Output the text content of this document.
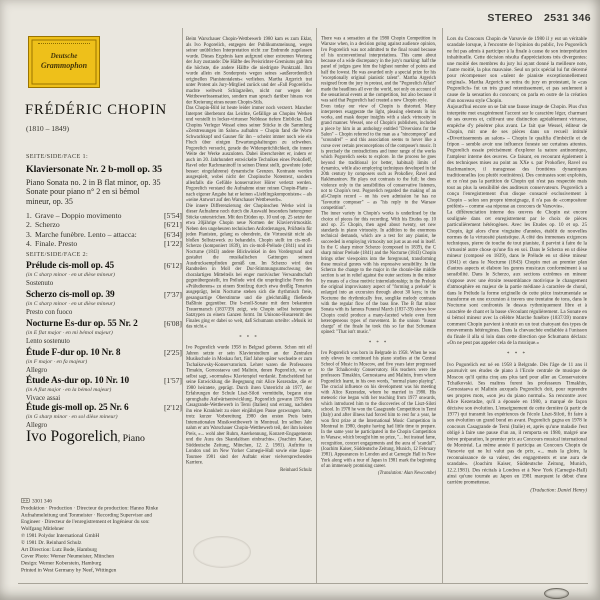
Deutsche
Grammophon
STEREO 2531 346
FRÉDÉRIC CHOPIN
(1810 – 1849)
SEITE/SIDE/FACE 1:
Klaviersonate Nr. 2 b-moll op. 35
Piano Sonata no. 2 in B flat minor, op. 35
Sonate pour piano n° 2 en si bémol
mineur, op. 35
1. Grave – Doppio movimento	[5'54]
2. Scherzo	[6'21]
3. Marche funèbre. Lento – attacca:	[6'34]
4. Finale. Presto	[1'22]
SEITE/SIDE/FACE 2:
Prélude cis-moll op. 45	[6'12]
(in C sharp minor · en ut dièse mineur)
Sostenuto
Scherzo cis-moll op. 39	[7'37]
(in C sharp minor · en ut dièse mineur)
Presto con fuoco
Nocturne Es-dur op. 55 Nr. 2	[6'08]
(in E flat major · en mi bémol majeur)
Lento sostenuto
Étude F-dur op. 10 Nr. 8	[2'25]
(in F major · en fa majeur)
Allegro
Étude As-dur op. 10 Nr. 10	[1'57]
(in A flat major · en la bémol majeur)
Vivace assai
Étude gis-moll op. 25 Nr. 6	[2'12]
(in G sharp minor · en sol dièse mineur)
Allegro
Ivo Pogorelich, Piano

Beim Warschauer Chopin-Wettbewerb 1980 kam es zum Eklat, als Ivo Pogorelich, entgegen der Publikumsmeinung, wegen seiner unüblichen Interpretation nicht zur Endrunde zugelassen wurde. Dieses Ergebnis kam aufgrund einer extremen Wertung der Jury zustande: Die Hälfte des Preisrichter-Gremiums gab ihm die höchste, die andere Hälfte die niedrigste Punktzahl. Ihm wurde allein ein Sonderpreis wegen seines »außerordentlich originellen Pianistentalents« verliehen. Martha Argerich trat unter Protest als Jury-Mitglied zurück und der »Fall Pogorelich« machte weltweit Schlagzeilen, nicht nur wegen der Wettbewerbssensation, sondern man sprach darüber hinaus von der Kreierung eines neuen Chopin-Stils.

Das Chopin-Bild ist heute leider immer noch verzerrt. Mancher Interpret überbetont das Leichte, Gefällige an Chopins Werken und verstellt in locker-virtuoser Noblesse tiefere Einblicke. Daß Chopins Verleger Wessel eines seiner Stücke in die Sammlung »Zerstreuungen im Salon« aufnahm – Chopin fand die Worte Schwachkopf und Gauner für ihn – scheint immer noch wie ein Fluch über einigen Erwartungshaltungen zu schweben. Pogorelich versucht, gerade die Widersprüchlichkeit, die innere Weite der Werke auszuloten. Dabei überschreitet er, indem er auch im 20. Jahrhundert entwickelte Techniken eines Prokofieff, Ravel oder Rachmaninoff in seinen Dienst stellt, gewohnte (oder besser: eingefahrene) dynamische Grenzen. Kontraste werden ausgespielt, wobei nicht der Chopinsche Notentext, sondern allenfalls die Gefühle konservativer Hörer verletzt werden. Pogorelich verstand die Aufnahme einer reinen Chopin-Platte – nach eigener Angabe hat er keinen »Lieblingskomponisten« – als »seine Antwort auf den Warschauer Wettbewerb«.

Die innere Differenzierung der Chopinschen Werke wird in dieser Aufnahme noch durch die Auswahl besonders heterogener Stücke unterstrichen. Mit den Etüden op. 10 und op. 25 setzte der etwa 20jährige Chopin neue Normen der Klaviervirtuosität. Neben den ungeheuren technischen Anforderungen, Prüfstein für jeden Pianisten, gelang es obendrein, die Virtuosität nicht als bloßen Selbstzweck zu behandeln. Chopin stellt im cis-moll-Scherzo (komponiert 1839), im cis-moll-Prélude (1841) und im Nocturne (1843) andere Blickwinkel in den Vordergrund und gestaltet die musikalischen Gattungen seinem Ausdrucksempfinden gemäß um. Im Scherzo wird den Randteilen in Moll der Dur-Stimmungsumschwung des choralartigen Mittelteils bei enger motivischer Verwandtschaft gegenübergestellt, im Prélude wird die ursprüngliche Form des »Präludierens« zu einem Streifzug durch etwa dreißig Tonarten ausgeprägt, beim Nocturne stehen sich die rhythmisch freie, gesangsartige Oberstimme und die gleichmäßig fließende Baßlinie gegenüber. Die b-moll-Sonate mit dem bekannten Trauermarsch (1837/39) zeigt, wie Chopin selbst heterogene Satztypen zu einem Ganzen formt. Im Unisono-Husarenritt des Finales ging er dabei so weit, daß Schumann urteilte: »Musik ist das nicht.«

* * *

Ivo Pogorelich wurde 1958 in Belgrad geboren. Schon mit elf Jahren setzte er sein Klavierstudium an der Zentralen Musikschule in Moskau fort, fünf Jahre später wechselte er zum Tschaikowsky-Konservatorium. Lehrer waren die Professoren Timakin, Gornostaeva und Malinin, denen Pogorelich, wie er selbst sagt, »normales« Klavierspiel verdankt. Entscheidend hat seine Entwicklung die Begegnung mit Alice Kezeradze, die er 1980 heiratete, geprägt. Durch ihren Unterricht ab 1977, der Erfahrungen der Schule Liszt-Siloti vermittelte, begann eine sprunghafte Aufwärtsentwicklung. Pogorelich gewann 1978 den Casagrande-Wettbewerb in Terni (Italien) und errang, nachdem ihn eine Krankheit zu einer einjährigen Pause gezwungen hatte, trotz kurzer Vorbereitung 1980 den ersten Preis beim Internationalen Musikwettbewerb in Montreal. Im selben Jahr nahm er am Warschauer Chopin-Wettbewerb teil, der ihm keinen Preis, »... wohl aber Ruhm, Anerkennung, Konzert-Engagements und die Aura des Skandalösen einbrachte«. (Joachim Kaiser, Süddeutsche Zeitung, München, 12. 2. 1981). Auftritte in London und im New Yorker Carnegie-Hall sowie eine Japan-Tournee 1981 sind der Auftakt einer vielversprechenden Karriere.

Reinhard Schulz

There was a sensation at the 1980 Chopin Competition in Warsaw when, in a decision going against audience opinion, Ivo Pogorelich was not admitted to the final round because of his unconventional interpretations. This came about because of a wide discrepancy in the jury's marking: half the panel of judges gave him the highest number of points and half the lowest. He was awarded only a special prize for his "exceptionally original pianistic talent". Martha Argerich resigned from the jury in protest, and the "Pogorelich Affair" made the headlines all over the world, not only on account of the sensational events at the competition, but also because it was said that Pogorelich had created a new Chopin style.

Even today our view of Chopin is distorted. Many interpreters exaggerate the light, pleasing elements in his works, and mask deeper insights with a slack virtuosity in grand manner. Wessel, one of Chopin's publishers, included a piece by him in an anthology entitled "Diversions for the Salon" – Chopin referred to the man as a "nincompoop" and "scoundrel" – and this association seems to hover like a curse over certain preconceptions of the composer's music. It is precisely the contradictions and inner range of the works which Pogorelich seeks to explore. In the process he goes beyond the traditional (or better, habitual) limits of dynamics, while also employing techniques developed in the 20th century by composers such as Prokofiev, Ravel and Rakhmaninov. He plays out contrasts to the full; he does violence only to the sensibilities of conservative listeners, not to Chopin's text. Pogorelich regarded the making of an all-Chopin record – on his own admission he has no "favourite composer" – as "his reply to the Warsaw competition".

The inner variety in Chopin's works is underlined by the choice of pieces for this recording. With his Etudes op. 10 and op. 25 Chopin, then aged about twenty, set new standards in piano virtuosity. In addition to the enormous technical demands, which are a test for any pianist, he succeeded in employing virtuosity not just as an end in itself. In the C sharp minor Scherzo (composed in 1839), the C sharp minor Prelude (1841) and the Nocturne (1843) Chopin brings other viewpoints into the foreground, transforming these musical genres with his expressive sensibility. In the Scherzo the change to the major in the chorale-like middle section is set in relief against the outer sections in the minor by means of a close motivic interrelationship; in the Prelude the original improvisatory aspect of "forming a prelude" is enlarged into an excursion through about 30 keys; in the Nocturne the rhythmically free, songlike melody contrasts with the regular flow of the bass line. The B flat minor Sonata with its famous Funeral March (1837-39) shows how Chopin could produce a many-faceted whole even from heterogeneous types of movement. In the unison "hussar charge" of the finale he took this so far that Schumann opined: "That isn't music."

* * *

Ivo Pogorelich was born in Belgrade in 1958. When he was only eleven he continued his piano studies at the Central School of Music in Moscow, and five years later progressed to the Tchaikovsky Conservatory. His teachers were the professors Timakhin, Gornostaeva and Malinin, from whom Pogorelich learnt, in his own words, "normal piano playing". The crucial influence on his development was his meeting with Alice Kezeradze, whom he married in 1980. His meteoric rise began with her teaching from 1977 onwards, which introduced him to the discoveries of the Liszt-Siloti school. In 1978 he won the Casagrande Competition in Terni (Italy) and after illness had forced him to rest for a year, he won first prize at the International Music Competition in Montreal in 1980, despite having had little time to prepare. In the same year he participated in the Chopin Competition in Warsaw, which brought him no prize, "... but instead fame, recognition, concert engagements and the aura of 'scandal'". (Joachim Kaiser, Süddeutsche Zeitung, Munich, 12 February 1981). Appearances in London and at Carnegie Hall in New York along with a tour of Japan in 1981 mark the beginning of an immensely promising career.

(Translation: Alan Newcombe)

Lors du Concours Chopin de Varsovie de 1980 il y eut un véritable scandale lorsque, à l'encontre de l'opinion du public, Ivo Pogorelich ne fut pas admis à participer à la finale à cause de son interprétation inhabituelle. Cette décision résulta d'appréciations très divergentes: une moitié des membres du jury lui ayant donné la meilleure note, l'autre moitié, la plus mauvaise. Seul un prix spécial lui fut décerné pour récompenser son «talent de pianiste exceptionnellement original». Martha Argerich se retira du jury en protestant, le «cas Pogorelich» fut un très grand retentissement, et pas seulement à cause de la sensation du concours; on parla en outre de la création d'un nouveau style Chopin.

Aujourd'hui encore on se fait une fausse image de Chopin. Plus d'un interprète met exagérément l'accent sur le caractère léger, charmant de ses œuvres et, cultivant une distinction agréablement virtuose, empêche d'y pénétrer plus avant. Le fait que Wessel, éditeur de Chopin, mit une de ses pièces dans un recueil intitulé «Divertissements au salon» – Chopin le qualifia d'imbécile et de fripon – semble avoir une influence funeste sur certaines attentes. Pogorelich essaie précisément d'explorer la nature antinomique, l'ampleur interne des œuvres. Ce faisant, en recourant également à des techniques mises au point au XXe s. par Prokofiev, Ravel ou Rachmaninov, il transgresse des frontières dynamiques traditionnelles (ou plutôt routinières). Des contrastes sont exploités, et ce n'est pas la partition de Chopin qui n'est pas respectée mais tout au plus la sensibilité des auditeurs conservateurs. Pogorelich a conçu l'enregistrement d'un disque consacré exclusivement à Chopin – selon son propre témoignage, il n'a pas de «compositeur préféré» – comme «sa réponse au concours de Varsovie».

La différenciation interne des œuvres de Chopin est encore soulignée dans cet enregistrement par le choix de pièces particulièrement hétérogènes. Avec les Etudes op. 10 et op. 25 Chopin, âgé alors d'une vingtaine d'années, établit de nouvelles normes de la virtuosité pianistique. A côté des immenses exigences techniques, pierre de touche de tout pianiste, il parvint à faire de la virtuosité autre chose qu'une fin en soi. Dans le Scherzo en ut dièse mineur (composé en 1839), dans le Prélude en ut dièse mineur (1841) et dans le Nocturne (1843) Chopin met au premier plan d'autres aspects et élabore les genres musicaux conformément à sa sensibilité. Dans le Scherzo, aux sections extrêmes en mineur s'oppose avec une étroite ressemblance motivique le changement d'atmosphère en majeur de la partie médiane à caractère de choral, dans le Prélude la forme originelle de cette pièce instrumentale se transforme en une excursion à travers une trentaine de tons, dans le Nocturne sont confrontés le dessus rythmiquement libre et à caractère de chant et la basse s'écoulant régulièrement. La Sonate en si bémol mineur avec la célèbre Marche funèbre (1837/39) montre comment Chopin parvient à réunir en un tout chatoyant des types de mouvements hétérogènes. Dans la chevauchée endiablée à l'unisson du finale il alla si loin dans cette direction que Schumann déclara: «On ne peut pas appeler cela de la musique.»

* * *

Ivo Pogorelich est né en 1958 à Belgrade. Dès l'âge de 11 ans il poursuivit ses études de piano à l'Ecole centrale de musique de Moscou qu'il quitta cinq ans plus tard pour aller au Conservatoire Tchaïkovski. Ses maîtres furent les professeurs Timakhin, Gornostaeva et Malinin auxquels Pogorelich doit, pour reprendre ses propres mots, «son jeu du piano normal». Sa rencontre avec Alice Kezeradze, qu'il a épousée en 1980, a marqué de façon décisive son évolution. L'enseignement de cette dernière (à partir de 1977) qui transmit les expériences de l'école Liszt-Siloti, fit faire à son évolution un grand bond en avant. Pogorelich gagna en 1978 le concours Casagrande de Terni (Italie) et, après qu'une maladie l'eut obligé à faire une pause d'un an, il remporta en 1980, malgré une brève préparation, le premier prix au Concours musical international de Montréal. La même année il participa au Concours Chopin de Varsovie qui ne lui valut pas de prix, «... mais la gloire, la reconnaissance de sa valeur, des engagements et une aura de scandale». (Joachim Kaiser, Süddeutsche Zeitung, Munich, 12.2.1981). Des récitals à Londres et à New York (Carnegie-Hall) ainsi qu'une tournée au Japon en 1981 marquent le début d'une carrière prometteuse.

(Traduction: Daniel Henry)
3301 346
Produktion · Production · Directeur de production: Hanno Rinke
Aufnahmeleitung und Tonmeister · Recording Supervisor and
Engineer · Directeur de l'enregistrement et Ingénieur du son:
Wolfgang Mitlehner
℗ 1981 Polydor International GmbH
© 1981 Dr. Reinhard Schulz
Art Direction: Lutz Bode, Hamburg
Cover Photo: Werner Neumeister, München
Design: Werner Koberstein, Hamburg
Printed in West Germany by Neef, Wittingen
